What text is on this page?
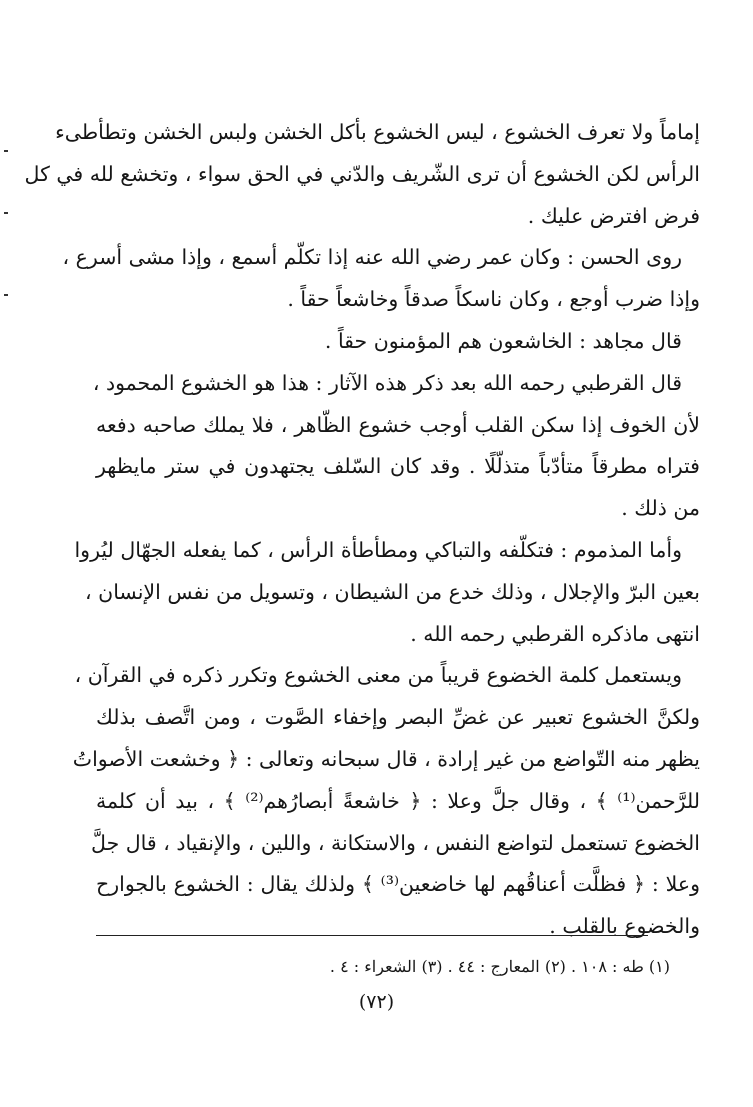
إماماً ولا تعرف الخشوع ، ليس الخشوع بأكل الخشن ولبس الخشن وتطأطىء
الرأس لكن الخشوع أن ترى الشّريف والدّني في الحق سواء ، وتخشع لله في كل
فرض افترض عليك .
روى الحسن : وكان عمر رضي الله عنه إذا تكلّم أسمع ، وإذا مشى أسرع ،
وإذا ضرب أوجع ، وكان ناسكاً صدقاً وخاشعاً حقاً .
قال مجاهد : الخاشعون هم المؤمنون حقاً .
قال القرطبي رحمه الله بعد ذكر هذه الآثار : هذا هو الخشوع المحمود ،
لأن الخوف إذا سكن القلب أوجب خشوع الظّاهر ، فلا يملك صاحبه دفعه
فتراه مطرقاً متأدّباً متذلّلًا . وقد كان السّلف يجتهدون في ستر مايظهر
من ذلك .
وأما المذموم : فتكلّفه والتباكي ومطأطأة الرأس ، كما يفعله الجهّال ليُروا
بعين البرّ والإجلال ، وذلك خدع من الشيطان ، وتسويل من نفس الإنسان ،
انتهى ماذكره القرطبي رحمه الله .
ويستعمل كلمة الخضوع قريباً من معنى الخشوع وتكرر ذكره في القرآن ،
ولكنَّ الخشوع تعبير عن غضِّ البصر وإخفاء الصَّوت ، ومن اتَّصف بذلك
يظهر منه التّواضع من غير إرادة ، قال سبحانه وتعالى : ﴿ وخشعت الأصواتُ
للرَّحمن⁽¹⁾ ﴾ ، وقال جلَّ وعلا : ﴿ خاشعةً أبصارُهم⁽²⁾ ﴾ ، بيد أن كلمة
الخضوع تستعمل لتواضع النفس ، والاستكانة ، واللين ، والإنقياد ، قال جلَّ
وعلا : ﴿ فظلَّت أعناقُهم لها خاضعين⁽³⁾ ﴾ ولذلك يقال : الخشوع بالجوارح
والخضوع بالقلب .
(١) طه : ١٠٨ . (٢) المعارج : ٤٤ . (٣) الشعراء : ٤ .
(٧٢)
